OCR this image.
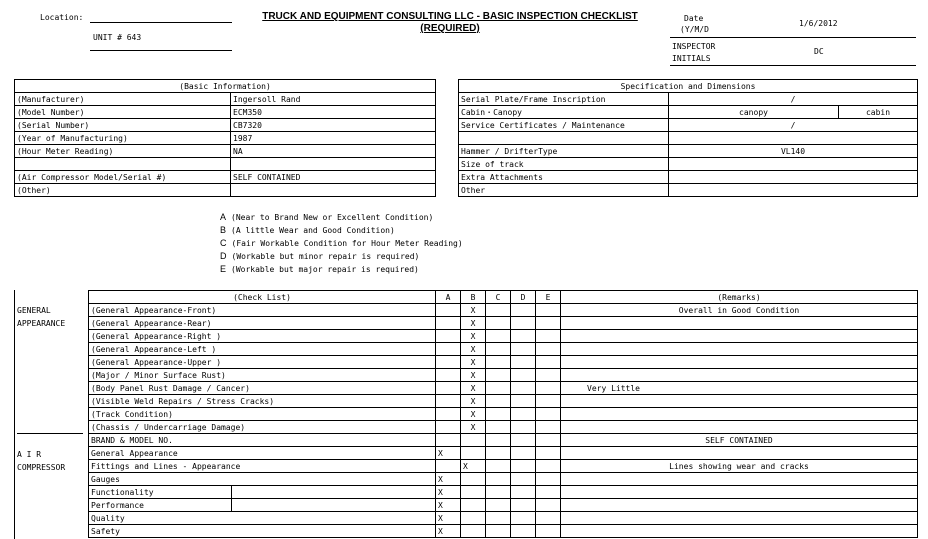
Location:
UNIT # 643
TRUCK AND EQUIPMENT CONSULTING LLC - BASIC INSPECTION CHECKLIST
(REQUIRED)
Date
(Y/M/D
1/6/2012
INSPECTOR
INITIALS
DC
(Basic Information)	
(Manufacturer)	Ingersoll Rand
(Model Number)	ECM350
(Serial Number)	CB7320
(Year of Manufacturing)	1987
(Hour Meter Reading)	NA

(Air Compressor Model/Serial #)	SELF CONTAINED
(Other)	
Specification and Dimensions		
Serial Plate/Frame Inscription	/	
Cabin・Canopy	canopy	cabin
Service Certificates / Maintenance	/	

Hammer / DrifterType	VL140	
Size of track		
Extra Attachments		
Other		
A (Near to Brand New or Excellent Condition)
B (A little Wear and Good Condition)
C (Fair Workable Condition for Hour Meter Reading)
D (Workable but minor repair is required)
E (Workable but major repair is required)
GENERAL
APPEARANCE
A I R
COMPRESSOR
(Check List)		A	B	C	D	E	(Remarks)
(General Appearance-Front)			X				Overall in Good Condition
(General Appearance-Rear)			X				
(General Appearance-Right )			X				
(General Appearance-Left )			X				
(General Appearance-Upper )			X				
(Major / Minor Surface Rust)			X				
(Body Panel Rust Damage / Cancer)			X				Very Little
(Visible Weld Repairs / Stress Cracks)			X				
(Track Condition)			X				
(Chassis / Undercarriage Damage)			X				
BRAND & MODEL NO.							SELF CONTAINED
General Appearance		X					
Fittings and Lines - Appearance			X				Lines showing wear and cracks
Gauges		X					
Functionality		X					
Performance		X					
Quality		X					
Safety		X					
